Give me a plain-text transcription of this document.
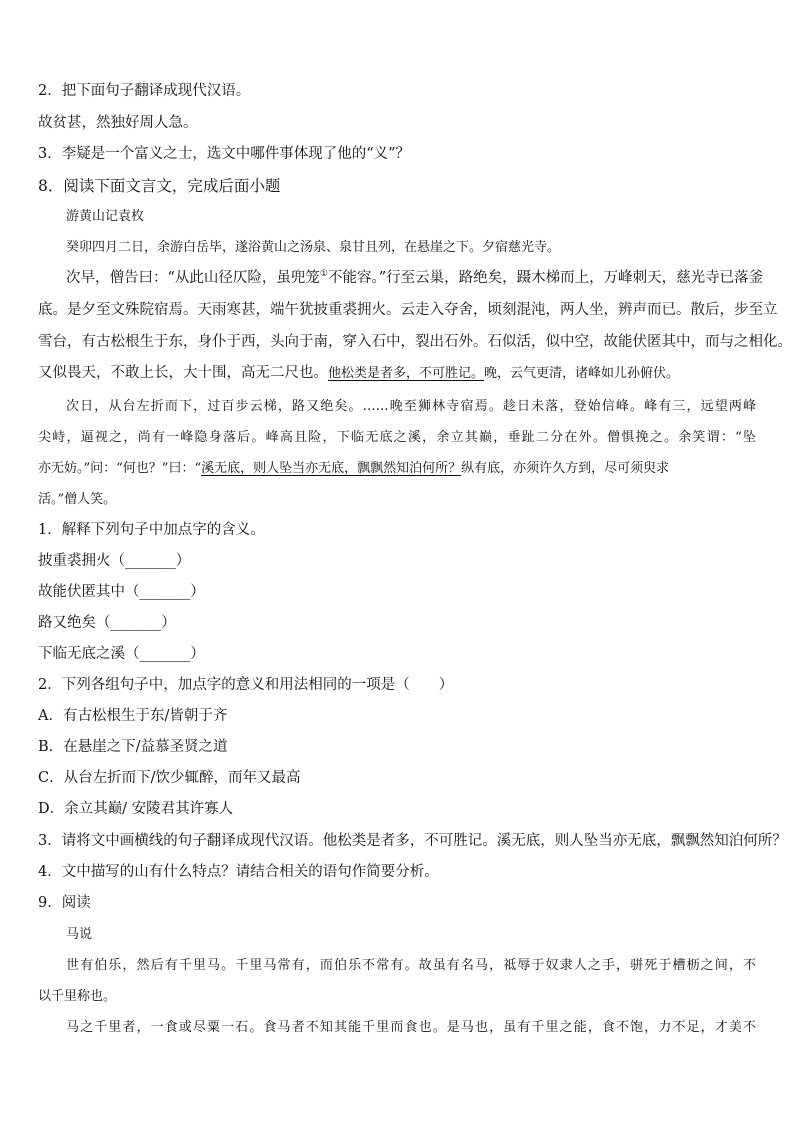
2．把下面句子翻译成现代汉语。
故贫甚，然独好周人急。
3．李疑是一个富义之士，选文中哪件事体现了他的“义”？
8．阅读下面文言文，完成后面小题
游黄山记袁枚
癸卯四月二日，余游白岳毕，遂浴黄山之汤泉、泉甘且列，在悬崖之下。夕宿慈光寺。
次早，僧告曰：“从此山径仄险，虽兜笼①不能容。”行至云巢，路绝矣，蹑木梯而上，万峰刺天，慈光寺已落釜
底。是夕至文殊院宿焉。天雨寒甚，端午犹披重裘拥火。云走入夺舍，顷刻混沌，两人坐，辨声而已。散后，步至立
雪台，有古松根生于东，身仆于西，头向于南，穿入石中，裂出石外。石似活，似中空，故能伏匿其中，而与之相化。
又似畏天，不敢上长，大十围，高无二尺也。他松类是者多，不可胜记。晚，云气更清，诸峰如儿孙俯伏。
次日，从台左折而下，过百步云梯，路又绝矣。……晚至狮林寺宿焉。趁日未落，登始信峰。峰有三，远望两峰
尖峙，逼视之，尚有一峰隐身落后。峰高且险，下临无底之溪，余立其巅，垂趾二分在外。僧惧挽之。余笑谓：“坠
亦无妨。”问：“何也？”曰：“溪无底，则人坠当亦无底，飘飘然知泊何所？纵有底，亦须许久方到，尽可须臾求
活。”僧人笑。
1．解释下列句子中加点字的含义。
披重裘拥火（_______）
故能伏匿其中（_______）
路又绝矣（_______）
下临无底之溪（_______）
2．下列各组句子中，加点字的意义和用法相同的一项是（　　）
A．有古松根生于东/皆朝于齐
B．在悬崖之下/益慕圣贤之道
C．从台左折而下/饮少辄醉，而年又最高
D．余立其巅/ 安陵君其许寡人
3．请将文中画横线的句子翻译成现代汉语。他松类是者多，不可胜记。溪无底，则人坠当亦无底，飘飘然知泊何所？
4．文中描写的山有什么特点？请结合相关的语句作简要分析。
9．阅读
马说
世有伯乐，然后有千里马。千里马常有，而伯乐不常有。故虽有名马，祗辱于奴隶人之手，骈死于槽枥之间，不
以千里称也。
马之千里者，一食或尽粟一石。食马者不知其能千里而食也。是马也，虽有千里之能，食不饱，力不足，才美不
